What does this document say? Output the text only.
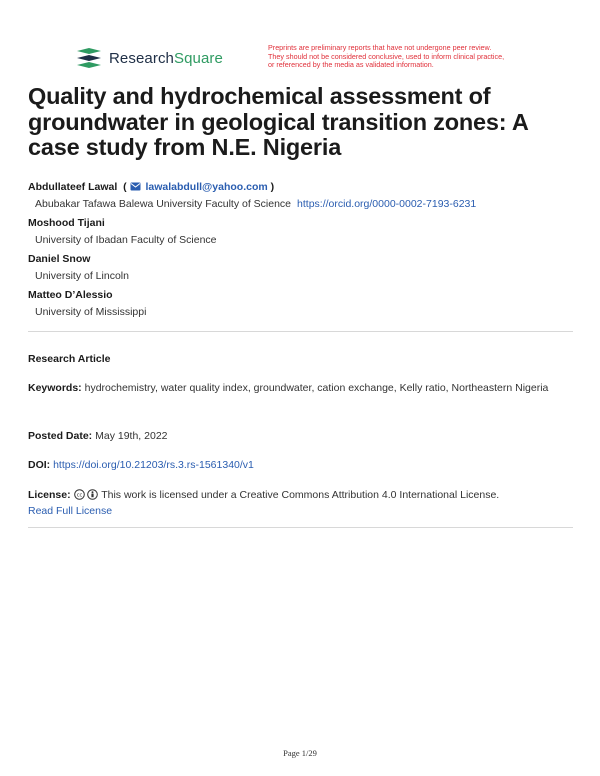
ResearchSquare
Preprints are preliminary reports that have not undergone peer review.
They should not be considered conclusive, used to inform clinical practice,
or referenced by the media as validated information.
Quality and hydrochemical assessment of groundwater in geological transition zones: A case study from N.E. Nigeria
Abdullateef Lawal  ( lawalabdull@yahoo.com )
Abubakar Tafawa Balewa University Faculty of Science https://orcid.org/0000-0002-7193-6231
Moshood Tijani
University of Ibadan Faculty of Science
Daniel Snow
University of Lincoln
Matteo D’Alessio
University of Mississippi
Research Article
Keywords: hydrochemistry, water quality index, groundwater, cation exchange, Kelly ratio, Northeastern Nigeria
Posted Date: May 19th, 2022
DOI: https://doi.org/10.21203/rs.3.rs-1561340/v1
License: cc This work is licensed under a Creative Commons Attribution 4.0 International License.
Read Full License
Page 1/29
